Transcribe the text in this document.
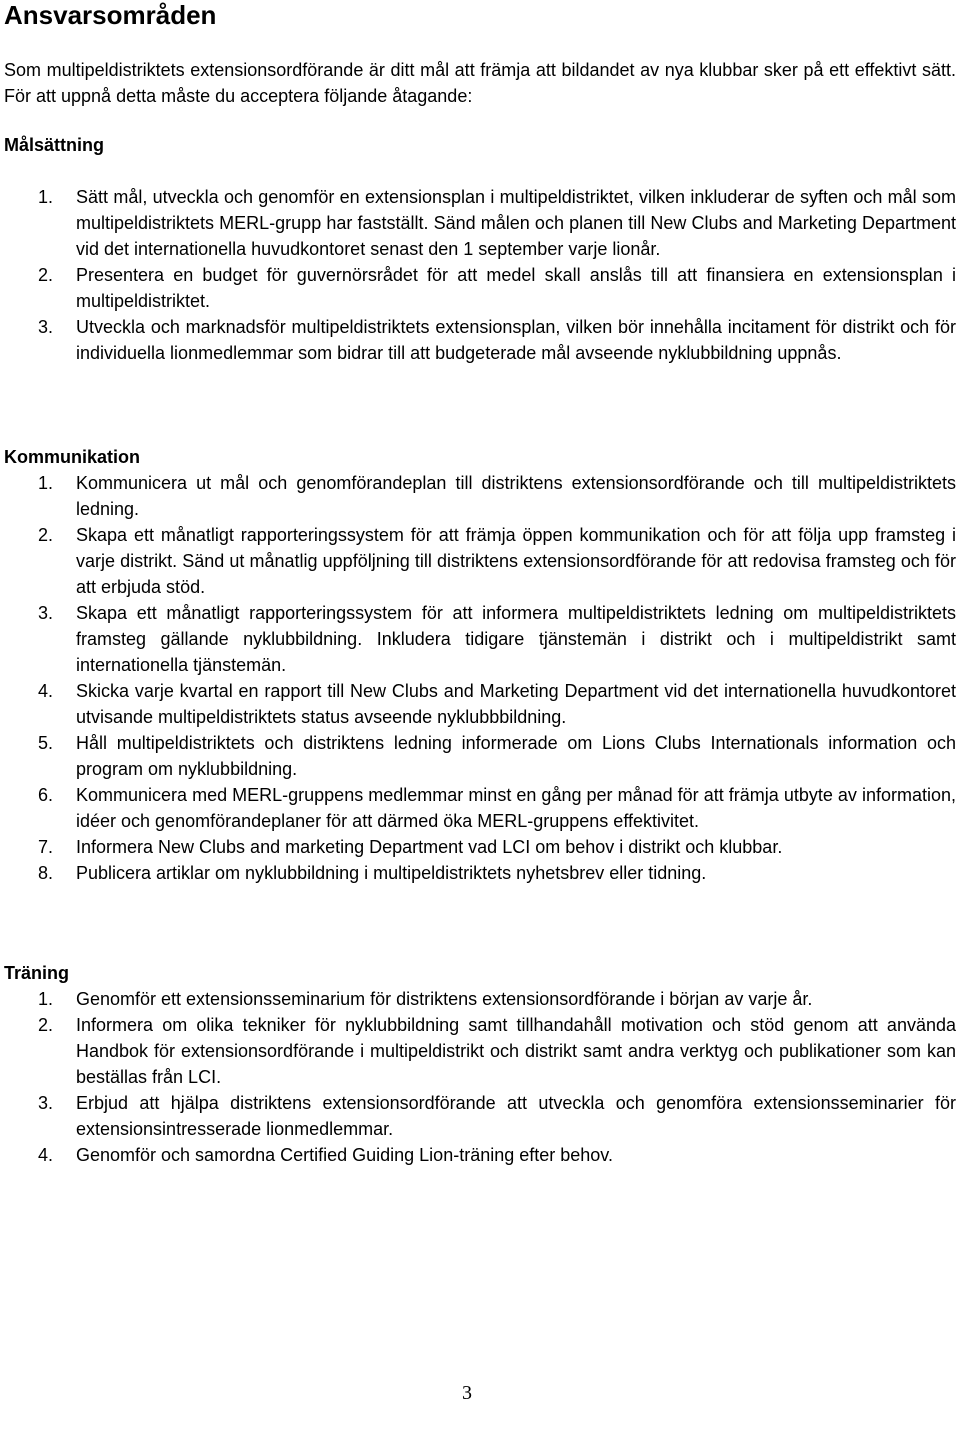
Ansvarsområden

Som multipeldistriktets extensionsordförande är ditt mål att främja att bildandet av nya klubbar sker på ett effektivt sätt. För att uppnå detta måste du acceptera följande åtagande:

Målsättning
1. Sätt mål, utveckla och genomför en extensionsplan i multipeldistriktet, vilken inkluderar de syften och mål som multipeldistriktets MERL-grupp har fastställt. Sänd målen och planen till New Clubs and Marketing Department vid det internationella huvudkontoret senast den 1 september varje lionår.
2. Presentera en budget för guvernörsrådet för att medel skall anslås till att finansiera en extensionsplan i multipeldistriktet.
3. Utveckla och marknadsför multipeldistriktets extensionsplan, vilken bör innehålla incitament för distrikt och för individuella lionmedlemmar som bidrar till att budgeterade mål avseende nyklubbildning uppnås.
Kommunikation
1. Kommunicera ut mål och genomförandeplan till distriktens extensionsordförande och till multipeldistriktets ledning.
2. Skapa ett månatligt rapporteringssystem för att främja öppen kommunikation och för att följa upp framsteg i varje distrikt. Sänd ut månatlig uppföljning till distriktens extensionsordförande för att redovisa framsteg och för att erbjuda stöd.
3. Skapa ett månatligt rapporteringssystem för att informera multipeldistriktets ledning om multipeldistriktets framsteg gällande nyklubbildning. Inkludera tidigare tjänstemän i distrikt och i multipeldistrikt samt internationella tjänstemän.
4. Skicka varje kvartal en rapport till New Clubs and Marketing Department vid det internationella huvudkontoret utvisande multipeldistriktets status avseende nyklubbbildning.
5. Håll multipeldistriktets och distriktens ledning informerade om Lions Clubs Internationals information och program om nyklubbildning.
6. Kommunicera med MERL-gruppens medlemmar minst en gång per månad för att främja utbyte av information, idéer och genomförandeplaner för att därmed öka MERL-gruppens effektivitet.
7. Informera New Clubs and marketing Department vad LCI om behov i distrikt och klubbar.
8. Publicera artiklar om nyklubbildning i multipeldistriktets nyhetsbrev eller tidning.
Träning
1. Genomför ett extensionsseminarium för distriktens extensionsordförande i början av varje år.
2. Informera om olika tekniker för nyklubbildning samt tillhandahåll motivation och stöd genom att använda Handbok för extensionsordförande i multipeldistrikt och distrikt samt andra verktyg och publikationer som kan beställas från LCI.
3. Erbjud att hjälpa distriktens extensionsordförande att utveckla och genomföra extensionsseminarier för extensionsintresserade lionmedlemmar.
4. Genomför och samordna Certified Guiding Lion-träning efter behov.
3
